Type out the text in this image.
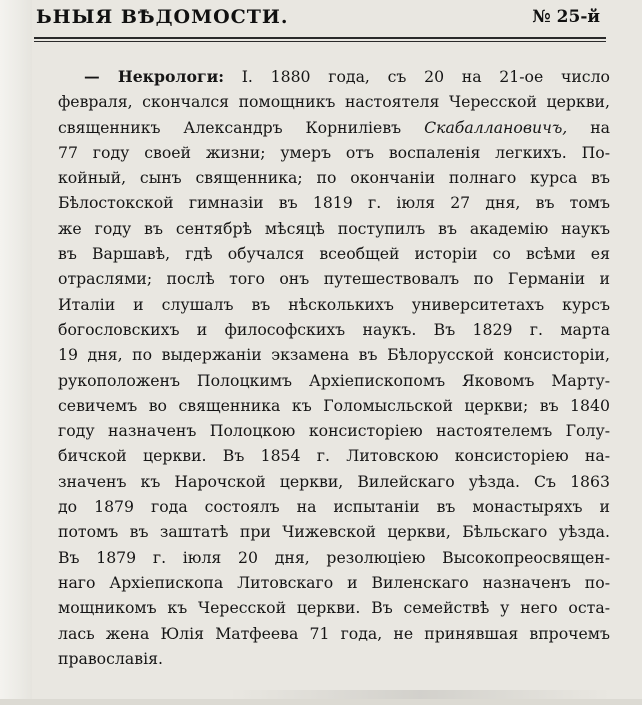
ЬНЫЯ ВѢДОМОСТИ.	№ 25-й
— Некрологи: I. 1880 года, съ 20 на 21-ое число
февраля, скончался помощникъ настоятеля Чересской церкви,
священникъ Александръ Корнилiевъ Скабаллановичъ, на
77 году своей жизни; умеръ отъ воспаленiя легкихъ. По-
койный, сынъ священника; по окончанiи полнаго курса въ
Бѣлостокской гимназiи въ 1819 г. iюля 27 дня, въ томъ
же году въ сентябрѣ мѣсяцѣ поступилъ въ академiю наукъ
въ Варшавѣ, гдѣ обучался всеобщей исторiи со всѣми ея
отраслями; послѣ того онъ путешествовалъ по Германiи и
Италiи и слушалъ въ нѣсколькихъ университетахъ курсъ
богословскихъ и философскихъ наукъ. Въ 1829 г. марта
19 дня, по выдержанiи экзамена въ Бѣлорусской консисторiи,
рукоположенъ Полоцкимъ Архiепископомъ Яковомъ Марту-
севичемъ во священника къ Голомысльской церкви; въ 1840
году назначенъ Полоцкою консисторiею настоятелемъ Голу-
бичской церкви. Въ 1854 г. Литовскою консисторiею на-
значенъ къ Нарочской церкви, Вилейскаго уѣзда. Съ 1863
до 1879 года состоялъ на испытанiи въ монастыряхъ и
потомъ въ заштатѣ при Чижевской церкви, Бѣльскаго уѣзда.
Въ 1879 г. iюля 20 дня, резолюцiею Высокопреосвящен-
наго Архiепископа Литовскаго и Виленскаго назначенъ по-
мощникомъ къ Чересской церкви. Въ семействѣ у него оста-
лась жена Юлiя Матфеева 71 года, не принявшая впрочемъ
православiя.
